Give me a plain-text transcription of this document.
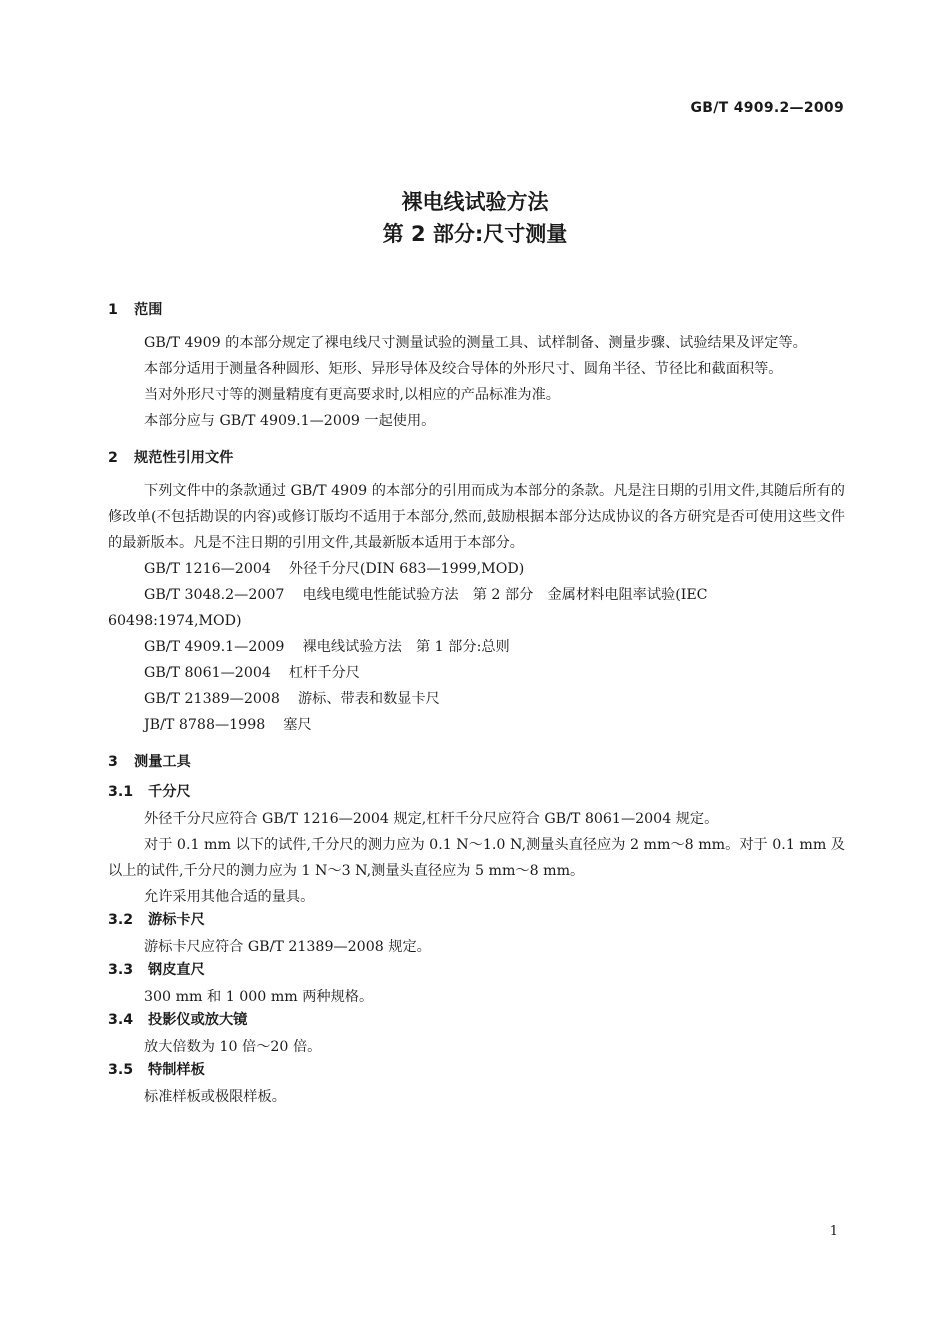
GB/T 4909.2—2009
裸电线试验方法
第 2 部分:尺寸测量
1 范围

GB/T 4909 的本部分规定了裸电线尺寸测量试验的测量工具、试样制备、测量步骤、试验结果及评定等。

本部分适用于测量各种圆形、矩形、异形导体及绞合导体的外形尺寸、圆角半径、节径比和截面积等。

当对外形尺寸等的测量精度有更高要求时,以相应的产品标准为准。

本部分应与 GB/T 4909.1—2009 一起使用。

2 规范性引用文件

下列文件中的条款通过 GB/T 4909 的本部分的引用而成为本部分的条款。凡是注日期的引用文件,其随后所有的修改单(不包括勘误的内容)或修订版均不适用于本部分,然而,鼓励根据本部分达成协议的各方研究是否可使用这些文件的最新版本。凡是不注日期的引用文件,其最新版本适用于本部分。

GB/T 1216—2004 外径千分尺(DIN 683—1999,MOD)

GB/T 3048.2—2007 电线电缆电性能试验方法　第 2 部分　金属材料电阻率试验(IEC 60498:1974,MOD)

GB/T 4909.1—2009 裸电线试验方法　第 1 部分:总则

GB/T 8061—2004 杠杆千分尺

GB/T 21389—2008 游标、带表和数显卡尺

JB/T 8788—1998 塞尺

3 测量工具
3.1 千分尺

外径千分尺应符合 GB/T 1216—2004 规定,杠杆千分尺应符合 GB/T 8061—2004 规定。

对于 0.1 mm 以下的试件,千分尺的测力应为 0.1 N～1.0 N,测量头直径应为 2 mm～8 mm。对于 0.1 mm 及以上的试件,千分尺的测力应为 1 N～3 N,测量头直径应为 5 mm～8 mm。

允许采用其他合适的量具。

3.2 游标卡尺

游标卡尺应符合 GB/T 21389—2008 规定。

3.3 钢皮直尺

300 mm 和 1 000 mm 两种规格。

3.4 投影仪或放大镜

放大倍数为 10 倍～20 倍。

3.5 特制样板

标准样板或极限样板。

1
